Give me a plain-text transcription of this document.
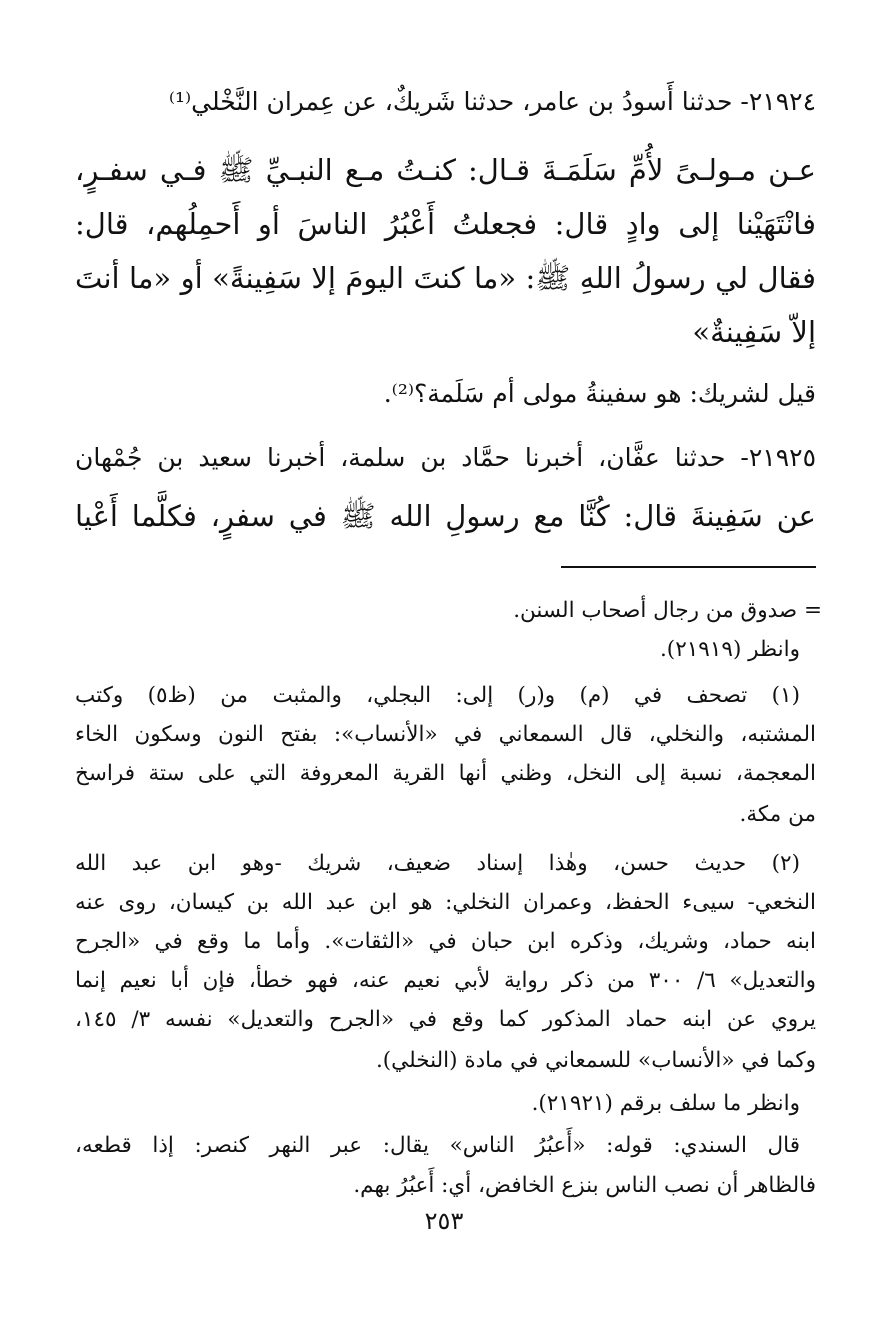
٢١٩٢٤- حدثنا أَسودُ بن عامر، حدثنا شَريكٌ، عن عِمران النَّخْلي⁽¹⁾
عـن مـولـىً لأُمِّ سَلَمَـةَ قـال: كنـتُ مـع النبـيِّ ﷺ فـي سفـرٍ،
فانْتَهَيْنا إلى وادٍ قال: فجعلتُ أَعْبُرُ الناسَ أو أَحمِلُهم، قال:
فقال لي رسولُ اللهِ ﷺ: «ما كنتَ اليومَ إلا سَفِينةً» أو «ما أنتَ
إلاّ سَفِينةٌ»
قيل لشريك: هو سفينةُ مولى أم سَلَمة؟⁽²⁾.
٢١٩٢٥- حدثنا عفَّان، أخبرنا حمَّاد بن سلمة، أخبرنا سعيد بن جُمْهان
عن سَفِينةَ قال: كُنَّا مع رسولِ الله ﷺ في سفرٍ، فكلَّما أَعْيا
= صدوق من رجال أصحاب السنن.
وانظر (٢١٩١٩).
(١) تصحف في (م) و(ر) إلى: البجلي، والمثبت من (ظ٥) وكتب
المشتبه، والنخلي، قال السمعاني في «الأنساب»: بفتح النون وسكون الخاء
المعجمة، نسبة إلى النخل، وظني أنها القرية المعروفة التي على ستة فراسخ
من مكة.
(٢) حديث حسن، وهٰذا إسناد ضعيف، شريك -وهو ابن عبد الله
النخعي- سيىء الحفظ، وعمران النخلي: هو ابن عبد الله بن كيسان، روى عنه
ابنه حماد، وشريك، وذكره ابن حبان في «الثقات». وأما ما وقع في «الجرح
والتعديل» ٦/ ٣٠٠ من ذكر رواية لأبي نعيم عنه، فهو خطأ، فإن أبا نعيم إنما
يروي عن ابنه حماد المذكور كما وقع في «الجرح والتعديل» نفسه ٣/ ١٤٥،
وكما في «الأنساب» للسمعاني في مادة (النخلي).
وانظر ما سلف برقم (٢١٩٢١).
قال السندي: قوله: «أَعبُرُ الناس» يقال: عبر النهر كنصر: إذا قطعه،
فالظاهر أن نصب الناس بنزع الخافض، أي: أَعبُرُ بهم.
٢٥٣
